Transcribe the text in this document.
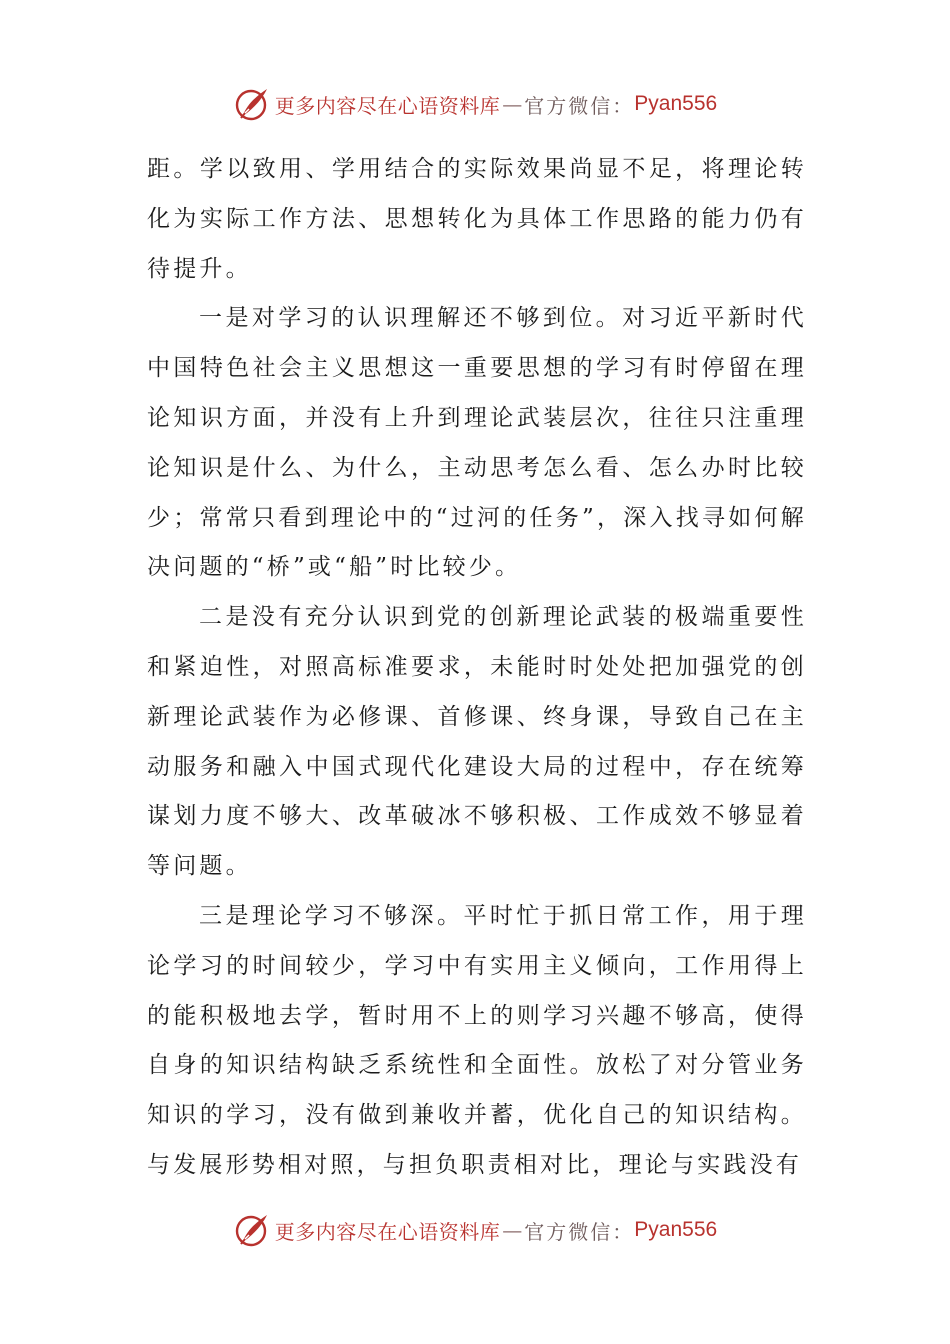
更多内容尽在心语资料库 — 官方微信： Pyan556

距。学以致用、学用结合的实际效果尚显不足，将理论转化为实际工作方法、思想转化为具体工作思路的能力仍有待提升。

一是对学习的认识理解还不够到位。对习近平新时代中国特色社会主义思想这一重要思想的学习有时停留在理论知识方面，并没有上升到理论武装层次，往往只注重理论知识是什么、为什么，主动思考怎么看、怎么办时比较少；常常只看到理论中的“过河的任务”，深入找寻如何解决问题的“桥”或“船”时比较少。

二是没有充分认识到党的创新理论武装的极端重要性和紧迫性，对照高标准要求，未能时时处处把加强党的创新理论武装作为必修课、首修课、终身课，导致自己在主动服务和融入中国式现代化建设大局的过程中，存在统筹谋划力度不够大、改革破冰不够积极、工作成效不够显着等问题。

三是理论学习不够深。平时忙于抓日常工作，用于理论学习的时间较少，学习中有实用主义倾向，工作用得上的能积极地去学，暂时用不上的则学习兴趣不够高，使得自身的知识结构缺乏系统性和全面性。放松了对分管业务知识的学习，没有做到兼收并蓄，优化自己的知识结构。与发展形势相对照，与担负职责相对比，理论与实践没有

更多内容尽在心语资料库 — 官方微信： Pyan556
